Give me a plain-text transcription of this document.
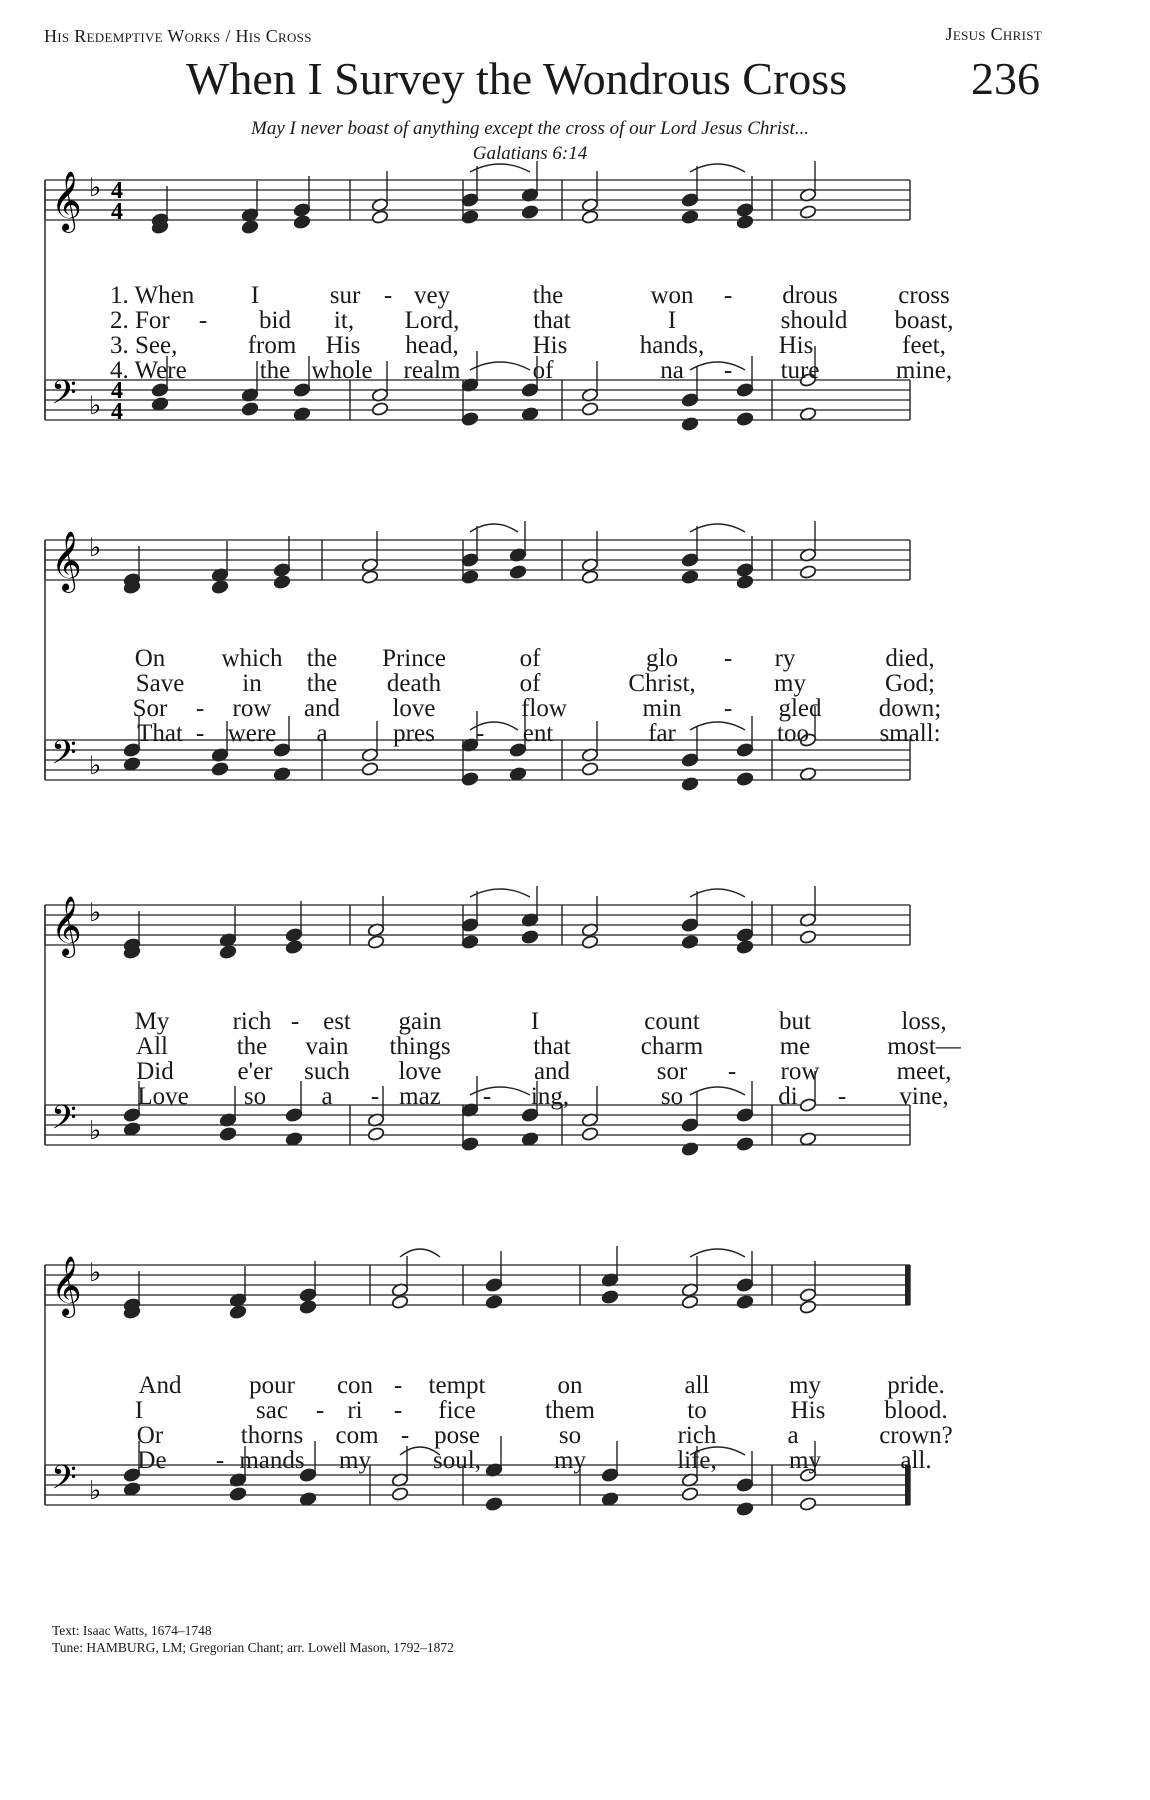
His Redemptive Works / His Cross	Jesus Christ
When I Survey the Wondrous Cross	236
May I never boast of anything except the cross of our Lord Jesus Christ...
Galatians 6:14
𝄞 ♭ 4
4
𝄢 ♭ 4
4
1. When I	sur - vey	the	won - drous cross
2. For - bid it, Lord,	that	I	should boast,
3. See,	from His head,	His	hands,	His	feet,
4. Were	the whole realm	of	na - ture	mine,
𝄞 ♭
𝄢 ♭
On which the Prince	of	glo - ry	died,
Save in the death	of	Christ,	my	God;
Sor - row and love	flow	min - gled down;
That - were a	pres - ent	far	too	small:
𝄞 ♭
𝄢 ♭
My	rich - est gain	I	count	but	loss,
All	the vain things	that	charm	me	most—
Did	e'er such love	and	sor - row	meet,
Love so a - maz - ing,	so	di - vine,
𝄞 ♭
𝄢 ♭
And	pour con - tempt	on	all	my	pride.
I	sac - ri - fice	them	to	His blood.
Or	thorns com - pose	so	rich	a	crown?
De - mands my soul,	my	life,	my	all.
Text: Isaac Watts, 1674–1748
Tune: HAMBURG, LM; Gregorian Chant; arr. Lowell Mason, 1792–1872
